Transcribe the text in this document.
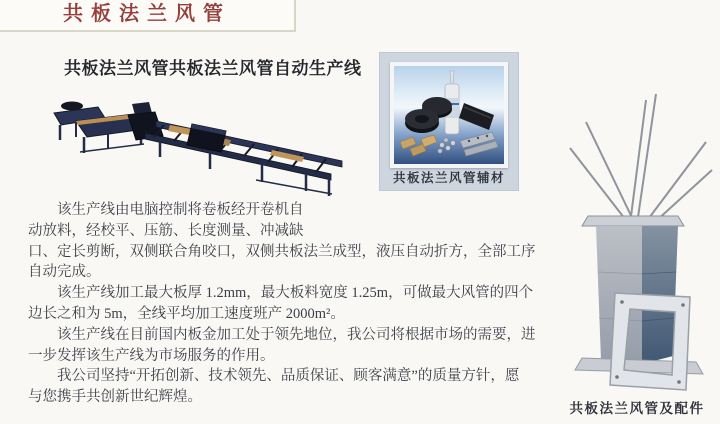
共板法兰风管
共板法兰风管共板法兰风管自动生产线
共板法兰风管辅材
该生产线由电脑控制将卷板经开卷机自
动放料，经校平、压筋、长度测量、冲减缺
口、定长剪断，双侧联合角咬口，双侧共板法兰成型，液压自动折方，全部工序
自动完成。
该生产线加工最大板厚 1.2mm，最大板料宽度 1.25m，可做最大风管的四个
边长之和为 5m，全线平均加工速度班产 2000m²。
该生产线在目前国内板金加工处于领先地位，我公司将根据市场的需要，进
一步发挥该生产线为市场服务的作用。
我公司坚持“开拓创新、技术领先、品质保证、顾客满意”的质量方针，愿
与您携手共创新世纪辉煌。
共板法兰风管及配件
